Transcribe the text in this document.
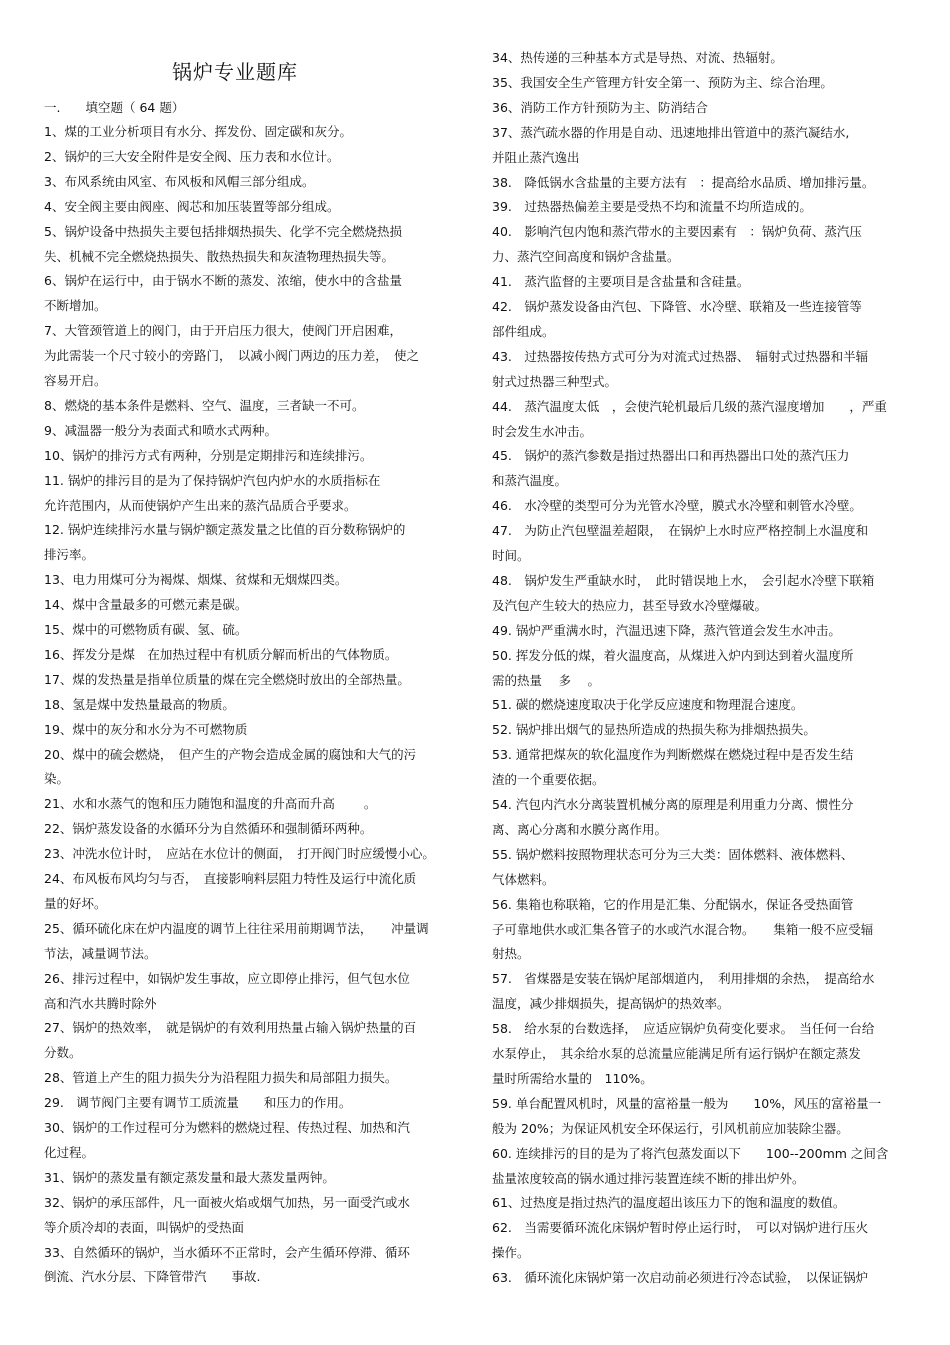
锅炉专业题库
一.　　填空题（ 64 题）
1、煤的工业分析项目有水分、挥发份、固定碳和灰分。
2、锅炉的三大安全附件是安全阀、压力表和水位计。
3、布风系统由风室、布风板和风帽三部分组成。
4、安全阀主要由阀座、阀芯和加压装置等部分组成。
5、锅炉设备中热损失主要包括排烟热损失、化学不完全燃烧热损
失、机械不完全燃烧热损失、散热热损失和灰渣物理热损失等。
6、锅炉在运行中，由于锅水不断的蒸发、浓缩，使水中的含盐量
不断增加。
7、大管颈管道上的阀门，由于开启压力很大，使阀门开启困难，
为此需装一个尺寸较小的旁路门，　以减小阀门两边的压力差，　使之
容易开启。
8、燃烧的基本条件是燃料、空气、温度，三者缺一不可。
9、减温器一般分为表面式和喷水式两种。
10、锅炉的排污方式有两种，分别是定期排污和连续排污。
11. 锅炉的排污目的是为了保持锅炉汽包内炉水的水质指标在
允许范围内，从而使锅炉产生出来的蒸汽品质合乎要求。
12. 锅炉连续排污水量与锅炉额定蒸发量之比值的百分数称锅炉的
排污率。
13、电力用煤可分为褐煤、烟煤、贫煤和无烟煤四类。
14、煤中含量最多的可燃元素是碳。
15、煤中的可燃物质有碳、氢、硫。
16、挥发分是煤　在加热过程中有机质分解而析出的气体物质。
17、煤的发热量是指单位质量的煤在完全燃烧时放出的全部热量。
18、氢是煤中发热量最高的物质。
19、煤中的灰分和水分为不可燃物质
20、煤中的硫会燃烧，　但产生的产物会造成金属的腐蚀和大气的污
染。
21、水和水蒸气的饱和压力随饱和温度的升高而升高 　　。
22、锅炉蒸发设备的水循环分为自然循环和强制循环两种。
23、冲洗水位计时，　应站在水位计的侧面，　打开阀门时应缓慢小心。
24、布风板布风均匀与否，　直接影响料层阻力特性及运行中流化质
量的好坏。
25、循环硫化床在炉内温度的调节上往往采用前期调节法，　　冲量调
节法，减量调节法。
26、排污过程中，如锅炉发生事故，应立即停止排污，但气包水位
高和汽水共腾时除外
27、锅炉的热效率，　就是锅炉的有效利用热量占输入锅炉热量的百
分数。
28、管道上产生的阻力损失分为沿程阻力损失和局部阻力损失。
29.　调节阀门主要有调节工质流量　　和压力的作用。
30、锅炉的工作过程可分为燃料的燃烧过程、传热过程、加热和汽
化过程。
31、锅炉的蒸发量有额定蒸发量和最大蒸发量两钟。
32、锅炉的承压部件，凡一面被火焰或烟气加热，另一面受汽或水
等介质冷却的表面，叫锅炉的受热面
33、自然循环的锅炉，当水循环不正常时，会产生循环停滞、循环
倒流、汽水分层、下降管带汽　　事故.
34、热传递的三种基本方式是导热、对流、热辐射。
35、我国安全生产管理方针安全第一、预防为主、综合治理。
36、消防工作方针预防为主、防消结合
37、蒸汽疏水器的作用是自动、迅速地排出管道中的蒸汽凝结水,
并阻止蒸汽逸出
38.　降低锅水含盐量的主要方法有　：提高给水品质、增加排污量。
39.　过热器热偏差主要是受热不均和流量不均所造成的。
40.　影响汽包内饱和蒸汽带水的主要因素有　：锅炉负荷、蒸汽压
力、蒸汽空间高度和锅炉含盐量。
41.　蒸汽监督的主要项目是含盐量和含硅量。
42.　锅炉蒸发设备由汽包、下降管、水冷壁、联箱及一些连接管等
部件组成。
43.　过热器按传热方式可分为对流式过热器、　辐射式过热器和半辐
射式过热器三种型式。
44.　蒸汽温度太低　，会使汽轮机最后几级的蒸汽湿度增加　　，严重
时会发生水冲击。
45.　锅炉的蒸汽参数是指过热器出口和再热器出口处的蒸汽压力
和蒸汽温度。
46.　水冷壁的类型可分为光管水冷壁，膜式水冷壁和刺管水冷壁。
47.　为防止汽包壁温差超限，　在锅炉上水时应严格控制上水温度和
时间。
48.　锅炉发生严重缺水时，　此时错误地上水，　会引起水冷壁下联箱
及汽包产生较大的热应力，甚至导致水冷壁爆破。
49. 锅炉严重满水时，汽温迅速下降，蒸汽管道会发生水冲击。
50. 挥发分低的煤，着火温度高，从煤进入炉内到达到着火温度所
需的热量　 多 　。
51. 碳的燃烧速度取决于化学反应速度和物理混合速度。
52. 锅炉排出烟气的显热所造成的热损失称为排烟热损失。
53. 通常把煤灰的软化温度作为判断燃煤在燃烧过程中是否发生结
渣的一个重要依据。
54. 汽包内汽水分离装置机械分离的原理是利用重力分离、惯性分
离、离心分离和水膜分离作用。
55. 锅炉燃料按照物理状态可分为三大类：固体燃料、液体燃料、
气体燃料。
56. 集箱也称联箱，它的作用是汇集、分配锅水，保证各受热面管
子可靠地供水或汇集各管子的水或汽水混合物。　　集箱一般不应受辐
射热。
57.　省煤器是安装在锅炉尾部烟道内，　利用排烟的余热，　提高给水
温度，减少排烟损失，提高锅炉的热效率。
58.　给水泵的台数选择，　应适应锅炉负荷变化要求。　当任何一台给
水泵停止，　其余给水泵的总流量应能满足所有运行锅炉在额定蒸发
量时所需给水量的　110%。
59. 单台配置风机时，风量的富裕量一般为　　10%，风压的富裕量一
般为 20%；为保证风机安全环保运行，引风机前应加装除尘器。
60. 连续排污的目的是为了将汽包蒸发面以下　　100--200mm 之间含
盐量浓度较高的锅水通过排污装置连续不断的排出炉外。
61、过热度是指过热汽的温度超出该压力下的饱和温度的数值。
62.　当需要循环流化床锅炉暂时停止运行时，　可以对锅炉进行压火
操作。
63.　循环流化床锅炉第一次启动前必须进行冷态试验，　以保证锅炉
